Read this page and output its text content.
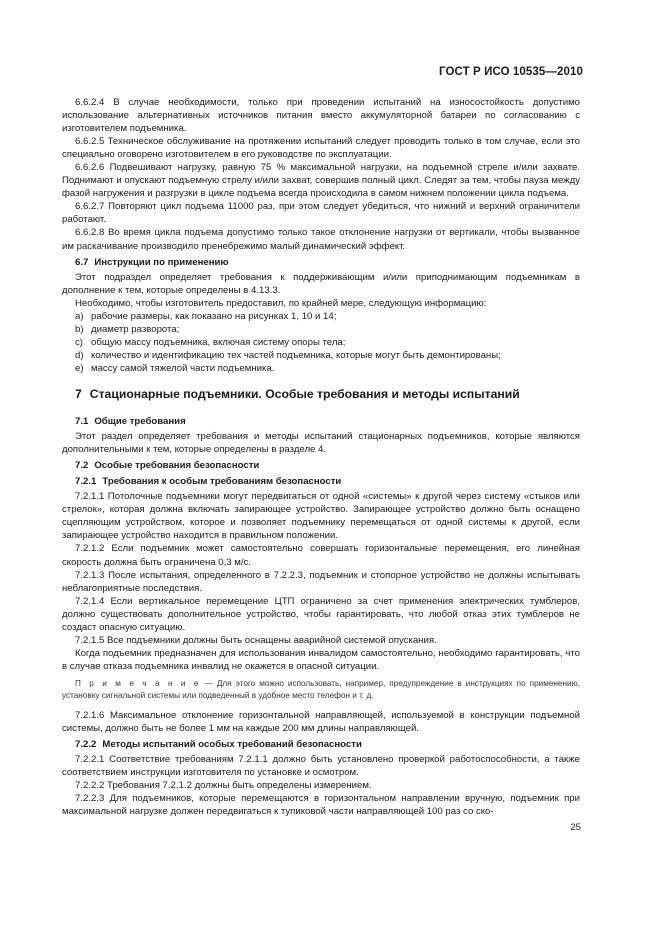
ГОСТ Р ИСО 10535—2010

6.6.2.4 В случае необходимости, только при проведении испытаний на износостойкость допустимо использование альтернативных источников питания вместо аккумуляторной батареи по согласованию с изготовителем подъемника.

6.6.2.5 Техническое обслуживание на протяжении испытаний следует проводить только в том случае, если это специально оговорено изготовителем в его руководстве по эксплуатации.

6.6.2.6 Подвешивают нагрузку, равную 75 % максимальной нагрузки, на подъемной стреле и/или захвате. Поднимают и опускают подъемную стрелу и/или захват, совершив полный цикл. Следят за тем, чтобы пауза между фазой нагружения и разгрузки в цикле подъема всегда происходила в самом нижнем положении цикла подъема.

6.6.2.7 Повторяют цикл подъема 11000 раз, при этом следует убедиться, что нижний и верхний ограничители работают.

6.6.2.8 Во время цикла подъема допустимо только такое отклонение нагрузки от вертикали, чтобы вызванное им раскачивание производило пренебрежимо малый динамический эффект.

6.7 Инструкции по применению

Этот подраздел определяет требования к поддерживающим и/или приподнимающим подъемникам в дополнение к тем, которые определены в 4.13.3.

Необходимо, чтобы изготовитель предоставил, по крайней мере, следующую информацию:

a) рабочие размеры, как показано на рисунках 1, 10 и 14;

b) диаметр разворота;

c) общую массу подъемника, включая систему опоры тела;

d) количество и идентификацию тех частей подъемника, которые могут быть демонтированы;

e) массу самой тяжелой части подъемника.

7 Стационарные подъемники. Особые требования и методы испытаний

7.1 Общие требования

Этот раздел определяет требования и методы испытаний стационарных подъемников, которые являются дополнительными к тем, которые определены в разделе 4.

7.2 Особые требования безопасности

7.2.1 Требования к особым требованиям безопасности

7.2.1.1 Потолочные подъемники могут передвигаться от одной «системы» к другой через систему «стыков или стрелок», которая должна включать запирающее устройство. Запирающее устройство должно быть оснащено сцепляющим устройством, которое и позволяет подъемнику перемещаться от одной системы к другой, если запирающее устройство находится в правильном положении.

7.2.1.2 Если подъемник может самостоятельно совершать горизонтальные перемещения, его линейная скорость должна быть ограничена 0,3 м/с.

7.2.1.3 После испытания, определенного в 7.2.2.3, подъемник и стопорное устройство не должны испытывать неблагоприятные последствия.

7.2.1.4 Если вертикальное перемещение ЦТП ограничено за счет применения электрических тумблеров, должно существовать дополнительное устройство, чтобы гарантировать, что любой отказ этих тумблеров не создаст опасную ситуацию.

7.2.1.5 Все подъемники должны быть оснащены аварийной системой опускания.

Когда подъемник предназначен для использования инвалидом самостоятельно, необходимо гарантировать, что в случае отказа подъемника инвалид не окажется в опасной ситуации.

П р и м е ч а н и е — Для этого можно использовать, например, предупреждение в инструкциях по применению, установку сигнальной системы или подведенный в удобное место телефон и т. д.

7.2.1.6 Максимальное отклонение горизонтальной направляющей, используемой в конструкции подъемной системы, должно быть не более 1 мм на каждые 200 мм длины направляющей.

7.2.2 Методы испытаний особых требований безопасности

7.2.2.1 Соответствие требованиям 7.2.1.1 должно быть установлено проверкой работоспособности, а также соответствием инструкции изготовителя по установке и осмотром.

7.2.2.2 Требования 7.2.1.2 должны быть определены измерением.

7.2.2.3 Для подъемников, которые перемещаются в горизонтальном направлении вручную, подъемник при максимальной нагрузке должен передвигаться к тупиковой части направляющей 100 раз со ско-

25
